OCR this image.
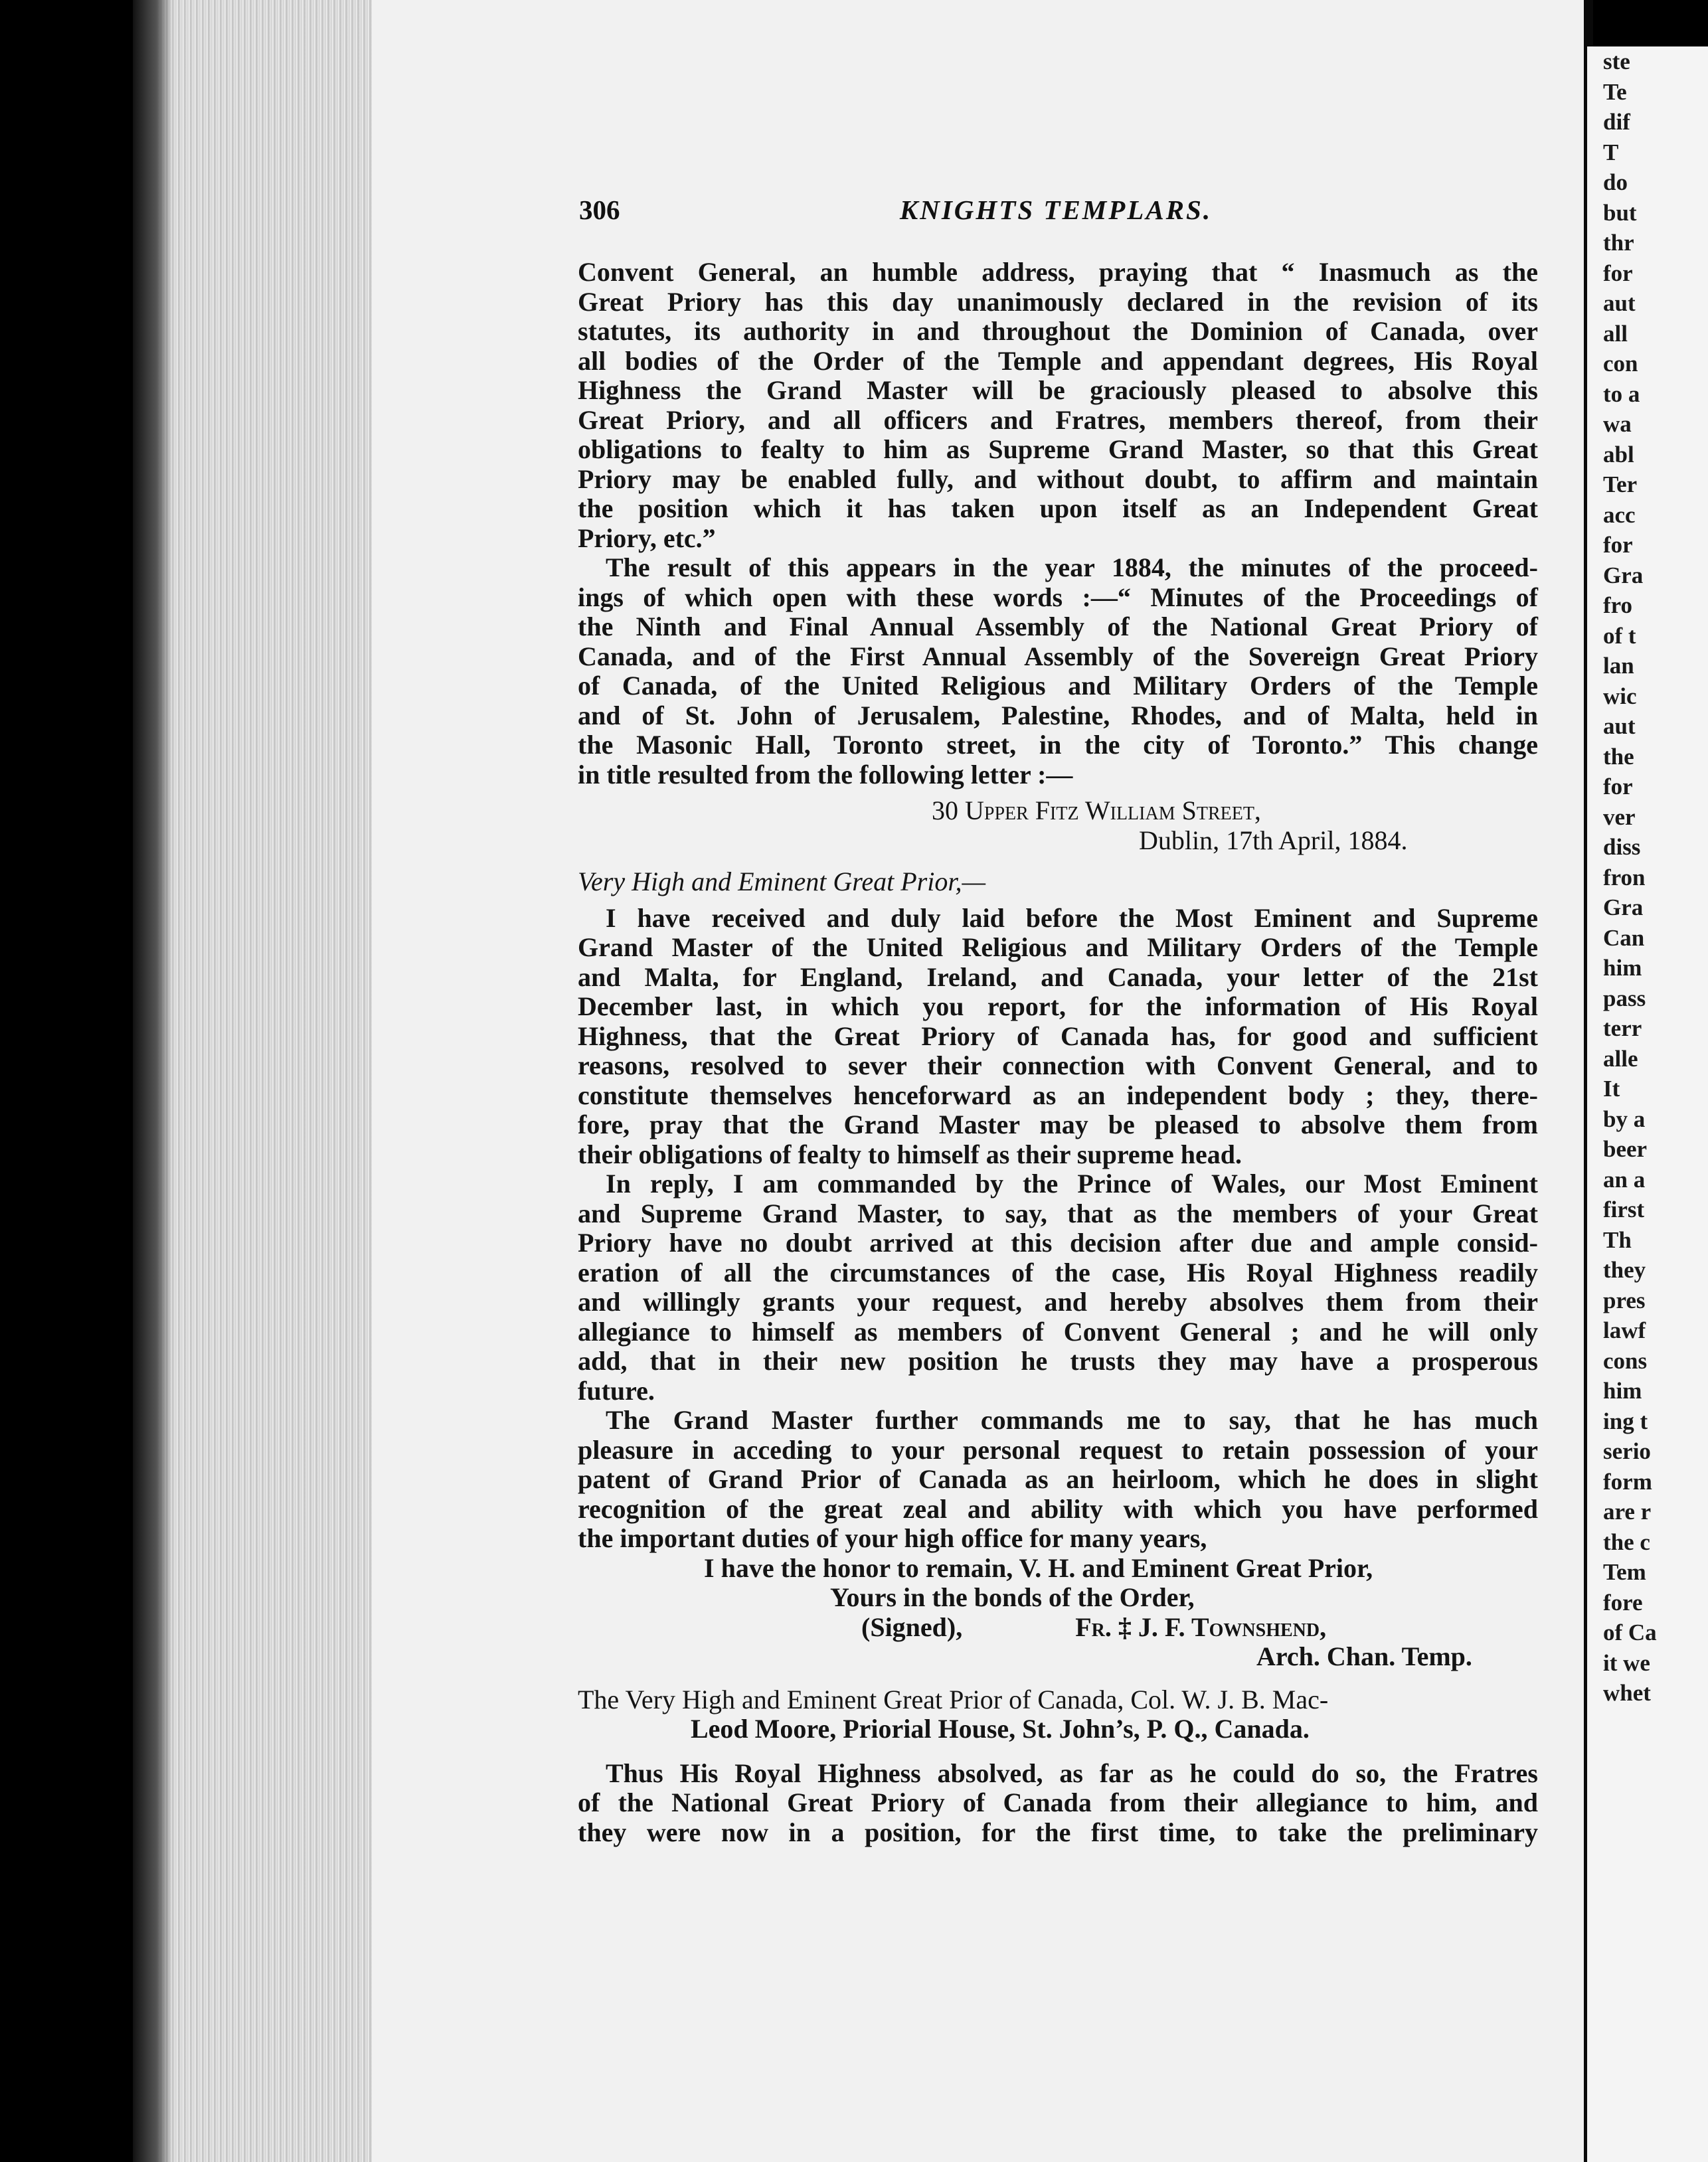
ste
Te
dif
T
do
but
thr
for
aut
all
con
to a
wa
abl
Ter
acc
for
Gra
fro
of t
lan
wic
aut
the
for
ver
diss
fron
Gra
Can
him
pass
terr
alle
It
by a
beer
an a
first
Th
they
pres
lawf
cons
him
ing t
serio
form
are r
the c
Tem
fore
of Ca
it we
whet
306	KNIGHTS TEMPLARS.
Convent General, an humble address, praying that “ Inasmuch as the
Great Priory has this day unanimously declared in the revision of its
statutes, its authority in and throughout the Dominion of Canada, over
all bodies of the Order of the Temple and appendant degrees, His Royal
Highness the Grand Master will be graciously pleased to absolve this
Great Priory, and all officers and Fratres, members thereof, from their
obligations to fealty to him as Supreme Grand Master, so that this Great
Priory may be enabled fully, and without doubt, to affirm and maintain
the position which it has taken upon itself as an Independent Great
Priory, etc.”
The result of this appears in the year 1884, the minutes of the proceed-
ings of which open with these words :—“ Minutes of the Proceedings of
the Ninth and Final Annual Assembly of the National Great Priory of
Canada, and of the First Annual Assembly of the Sovereign Great Priory
of Canada, of the United Religious and Military Orders of the Temple
and of St. John of Jerusalem, Palestine, Rhodes, and of Malta, held in
the Masonic Hall, Toronto street, in the city of Toronto.” This change
in title resulted from the following letter :—
30 Upper Fitz William Street,
Dublin, 17th April, 1884.
Very High and Eminent Great Prior,—
I have received and duly laid before the Most Eminent and Supreme
Grand Master of the United Religious and Military Orders of the Temple
and Malta, for England, Ireland, and Canada, your letter of the 21st
December last, in which you report, for the information of His Royal
Highness, that the Great Priory of Canada has, for good and sufficient
reasons, resolved to sever their connection with Convent General, and to
constitute themselves henceforward as an independent body ; they, there-
fore, pray that the Grand Master may be pleased to absolve them from
their obligations of fealty to himself as their supreme head.
In reply, I am commanded by the Prince of Wales, our Most Eminent
and Supreme Grand Master, to say, that as the members of your Great
Priory have no doubt arrived at this decision after due and ample consid-
eration of all the circumstances of the case, His Royal Highness readily
and willingly grants your request, and hereby absolves them from their
allegiance to himself as members of Convent General ; and he will only
add, that in their new position he trusts they may have a prosperous
future.
The Grand Master further commands me to say, that he has much
pleasure in acceding to your personal request to retain possession of your
patent of Grand Prior of Canada as an heirloom, which he does in slight
recognition of the great zeal and ability with which you have performed
the important duties of your high office for many years,
I have the honor to remain, V. H. and Eminent Great Prior,
Yours in the bonds of the Order,
(Signed),	Fr. ‡ J. F. Townshend,
Arch. Chan. Temp.
The Very High and Eminent Great Prior of Canada, Col. W. J. B. Mac-
Leod Moore, Priorial House, St. John’s, P. Q., Canada.
Thus His Royal Highness absolved, as far as he could do so, the Fratres
of the National Great Priory of Canada from their allegiance to him, and
they were now in a position, for the first time, to take the preliminary
